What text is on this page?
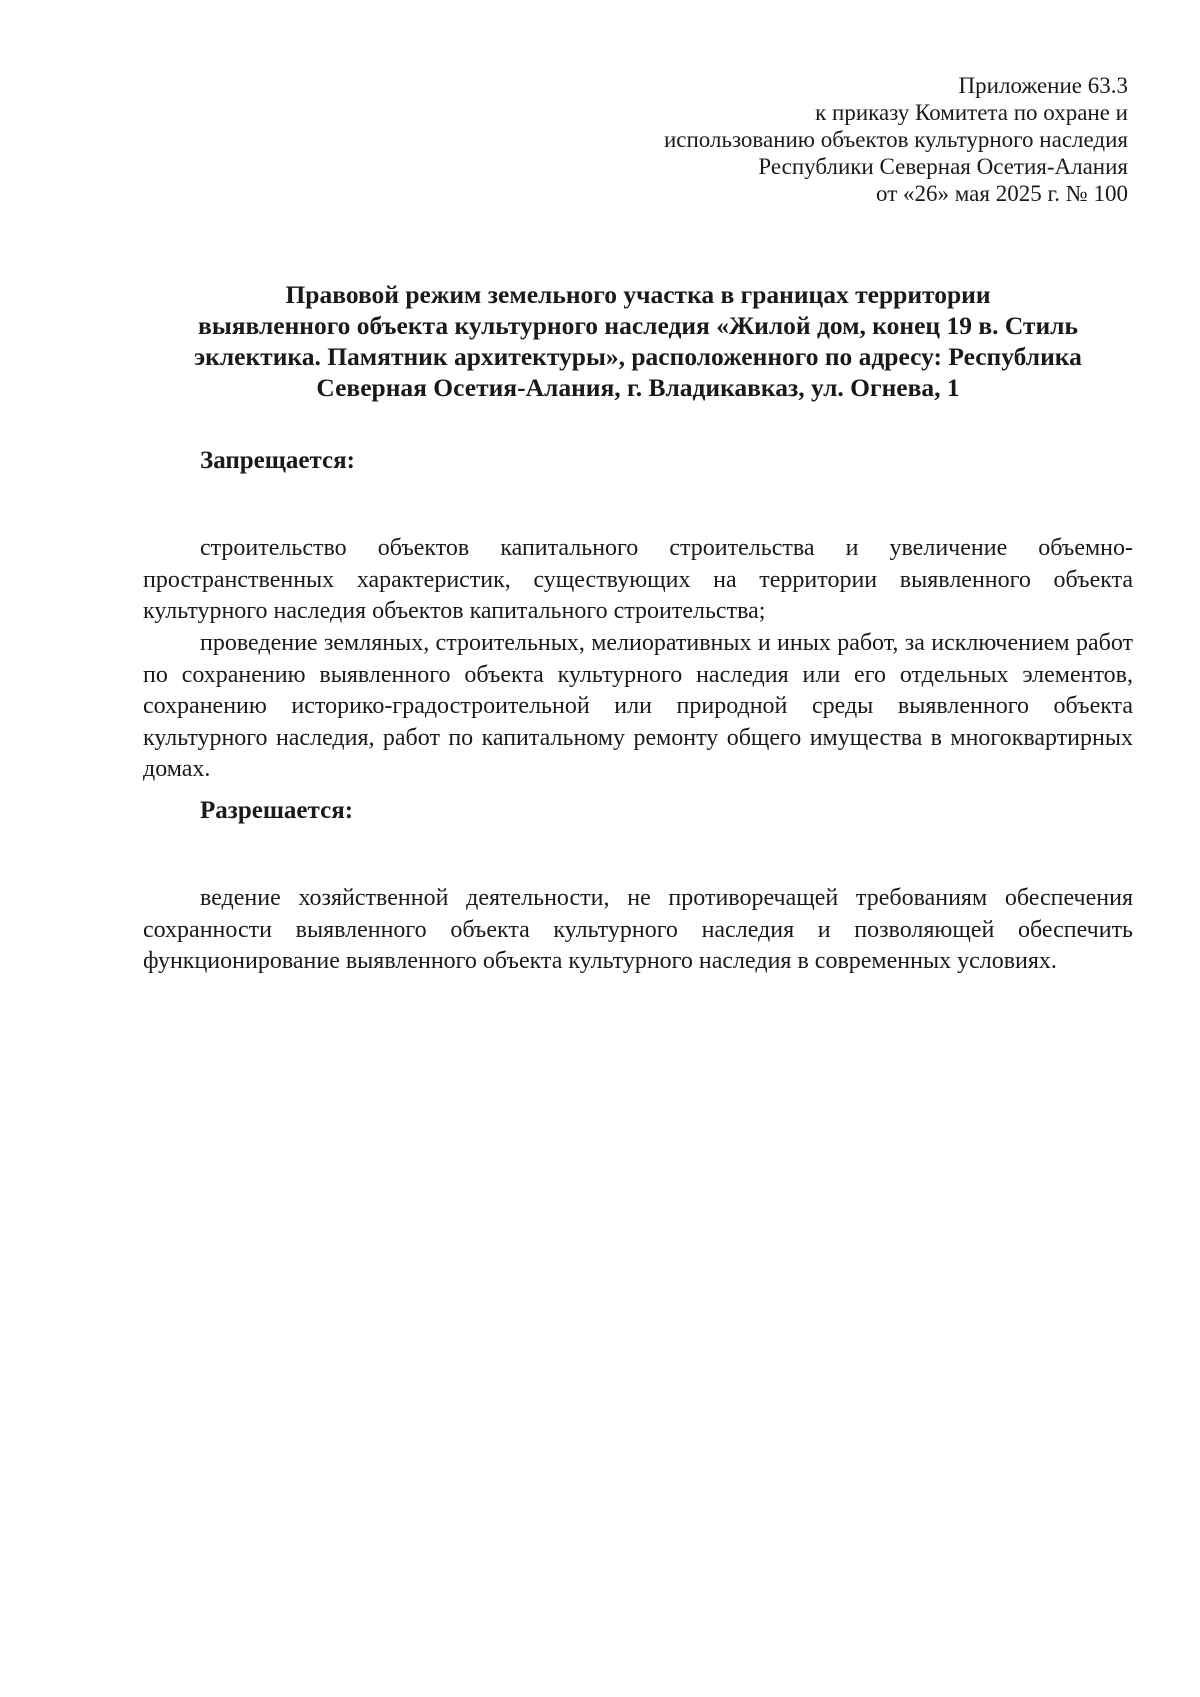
Приложение 63.3
к приказу Комитета по охране и
использованию объектов культурного наследия
Республики Северная Осетия-Алания
от «26» мая 2025 г. № 100
Правовой режим земельного участка в границах территории
выявленного объекта культурного наследия «Жилой дом, конец 19 в. Стиль
эклектика. Памятник архитектуры», расположенного по адресу: Республика
Северная Осетия-Алания, г. Владикавказ, ул. Огнева, 1
Запрещается:

строительство объектов капитального строительства и увеличение объемно-пространственных характеристик, существующих на территории выявленного объекта культурного наследия объектов капитального строительства;

проведение земляных, строительных, мелиоративных и иных работ, за исключением работ по сохранению выявленного объекта культурного наследия или его отдельных элементов, сохранению историко-градостроительной или природной среды выявленного объекта культурного наследия, работ по капитальному ремонту общего имущества в многоквартирных домах.

Разрешается:

ведение хозяйственной деятельности, не противоречащей требованиям обеспечения сохранности выявленного объекта культурного наследия и позволяющей обеспечить функционирование выявленного объекта культурного наследия в современных условиях.
